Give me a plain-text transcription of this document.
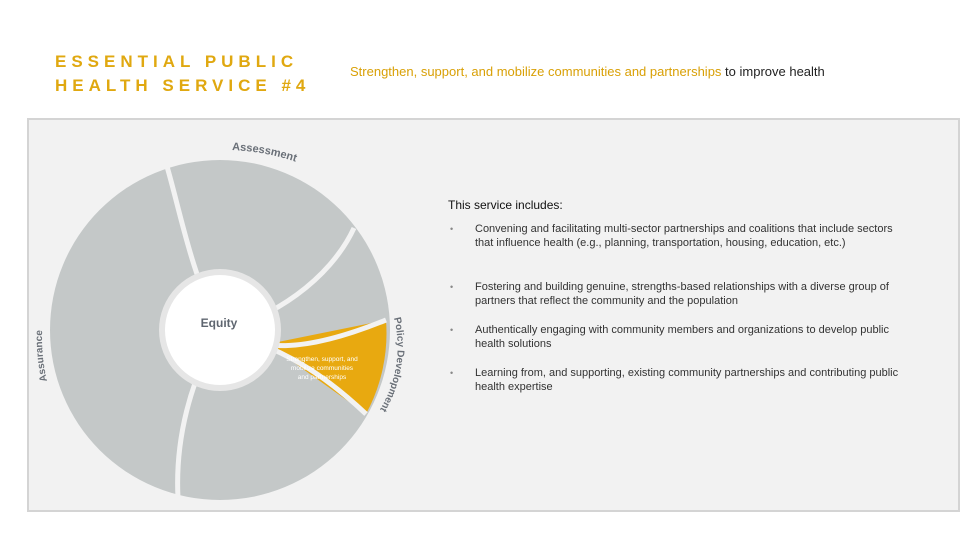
ESSENTIAL PUBLIC
HEALTH SERVICE #4
Strengthen, support, and mobilize communities and partnerships to improve health
Equity
Strengthen, support, and
mobilize communities
and partnerships
Assessment
Policy Development
Assurance
This service includes:
• Convening and facilitating multi-sector partnerships and coalitions that include sectors that influence health (e.g., planning, transportation, housing, education, etc.)
• Fostering and building genuine, strengths-based relationships with a diverse group of partners that reflect the community and the population
• Authentically engaging with community members and organizations to develop public health solutions
• Learning from, and supporting, existing community partnerships and contributing public health expertise
